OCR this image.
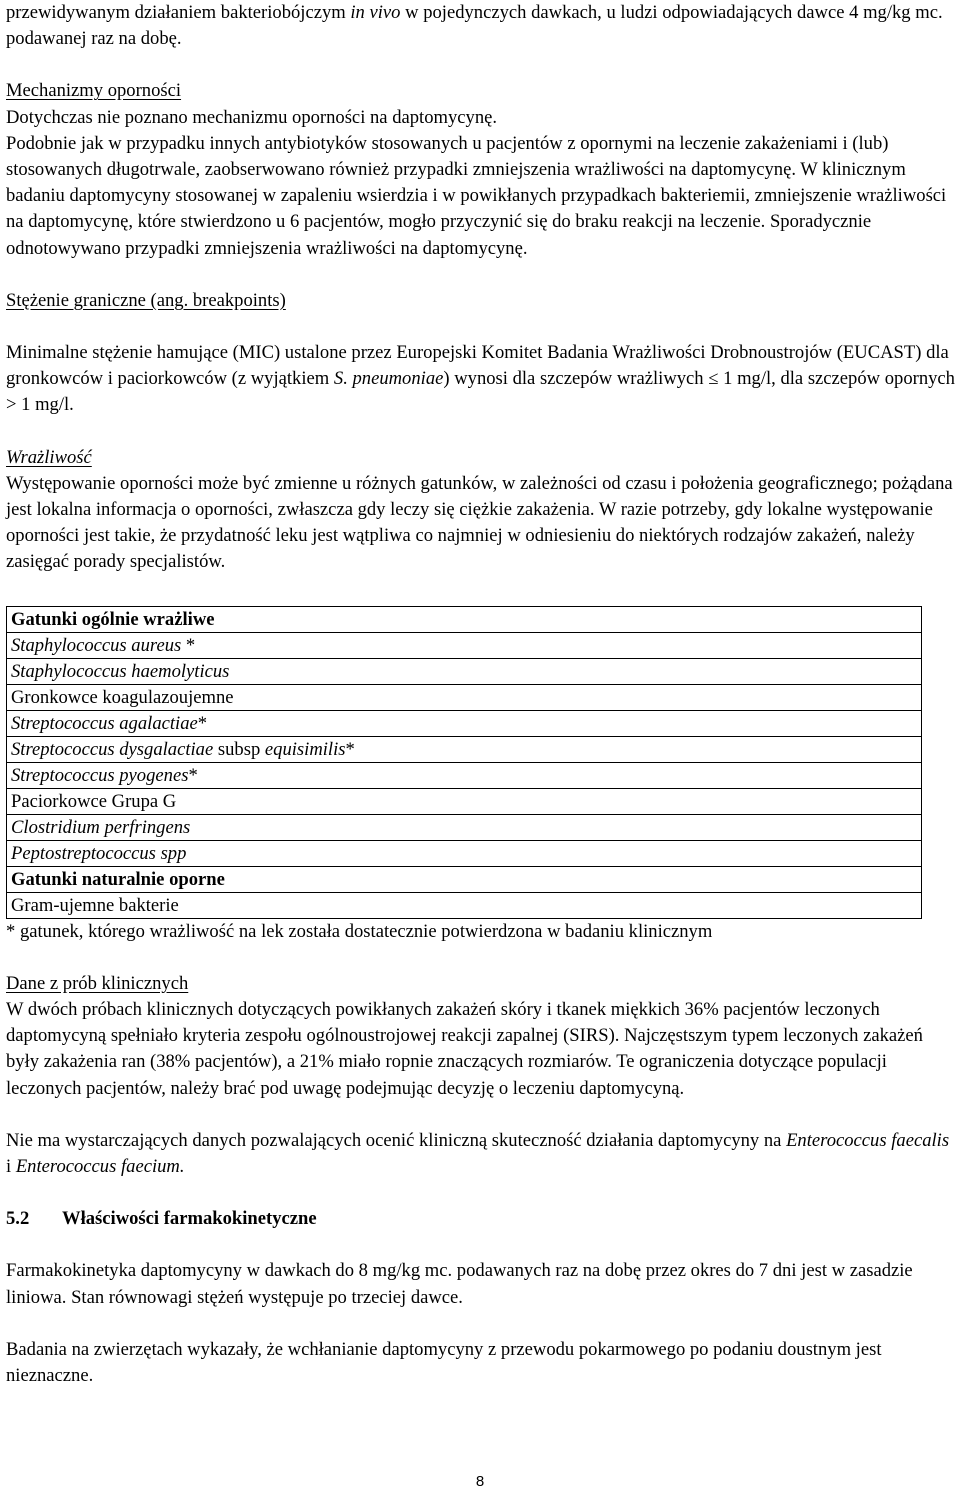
przewidywanym działaniem bakteriobójczym in vivo w pojedynczych dawkach, u ludzi odpowiadających dawce 4 mg/kg mc. podawanej raz na dobę.

Mechanizmy oporności

Dotychczas nie poznano mechanizmu oporności na daptomycynę.

Podobnie jak w przypadku innych antybiotyków stosowanych u pacjentów z opornymi na leczenie zakażeniami i (lub) stosowanych długotrwale, zaobserwowano również przypadki zmniejszenia wrażliwości na daptomycynę. W klinicznym badaniu daptomycyny stosowanej w zapaleniu wsierdzia i w powikłanych przypadkach bakteriemii, zmniejszenie wrażliwości na daptomycynę, które stwierdzono u 6 pacjentów, mogło przyczynić się do braku reakcji na leczenie. Sporadycznie odnotowywano przypadki zmniejszenia wrażliwości na daptomycynę.

Stężenie graniczne (ang. breakpoints)

Minimalne stężenie hamujące (MIC) ustalone przez Europejski Komitet Badania Wrażliwości Drobnoustrojów (EUCAST) dla gronkowców i paciorkowców (z wyjątkiem S. pneumoniae) wynosi dla szczepów wrażliwych ≤ 1 mg/l, dla szczepów opornych > 1 mg/l.

Wrażliwość

Występowanie oporności może być zmienne u różnych gatunków, w zależności od czasu i położenia geograficznego; pożądana jest lokalna informacja o oporności, zwłaszcza gdy leczy się ciężkie zakażenia. W razie potrzeby, gdy lokalne występowanie oporności jest takie, że przydatność leku jest wątpliwa co najmniej w odniesieniu do niektórych rodzajów zakażeń, należy zasięgać porady specjalistów.

Gatunki ogólnie wrażliwe
Staphylococcus aureus *
Staphylococcus haemolyticus
Gronkowce koagulazoujemne
Streptococcus agalactiae*
Streptococcus dysgalactiae subsp equisimilis*
Streptococcus pyogenes*
Paciorkowce Grupa G
Clostridium perfringens
Peptostreptococcus spp
Gatunki naturalnie oporne
Gram-ujemne bakterie

* gatunek, którego wrażliwość na lek została dostatecznie potwierdzona w badaniu klinicznym

Dane z prób klinicznych

W dwóch próbach klinicznych dotyczących powikłanych zakażeń skóry i tkanek miękkich 36% pacjentów leczonych daptomycyną spełniało kryteria zespołu ogólnoustrojowej reakcji zapalnej (SIRS). Najczęstszym typem leczonych zakażeń były zakażenia ran (38% pacjentów), a 21% miało ropnie znaczących rozmiarów. Te ograniczenia dotyczące populacji leczonych pacjentów, należy brać pod uwagę podejmując decyzję o leczeniu daptomycyną.

Nie ma wystarczających danych pozwalających ocenić kliniczną skuteczność działania daptomycyny na Enterococcus faecalis i Enterococcus faecium.

5.2	Właściwości farmakokinetyczne

Farmakokinetyka daptomycyny w dawkach do 8 mg/kg mc. podawanych raz na dobę przez okres do 7 dni jest w zasadzie liniowa. Stan równowagi stężeń występuje po trzeciej dawce.

Badania na zwierzętach wykazały, że wchłanianie daptomycyny z przewodu pokarmowego po podaniu doustnym jest nieznaczne.

8
